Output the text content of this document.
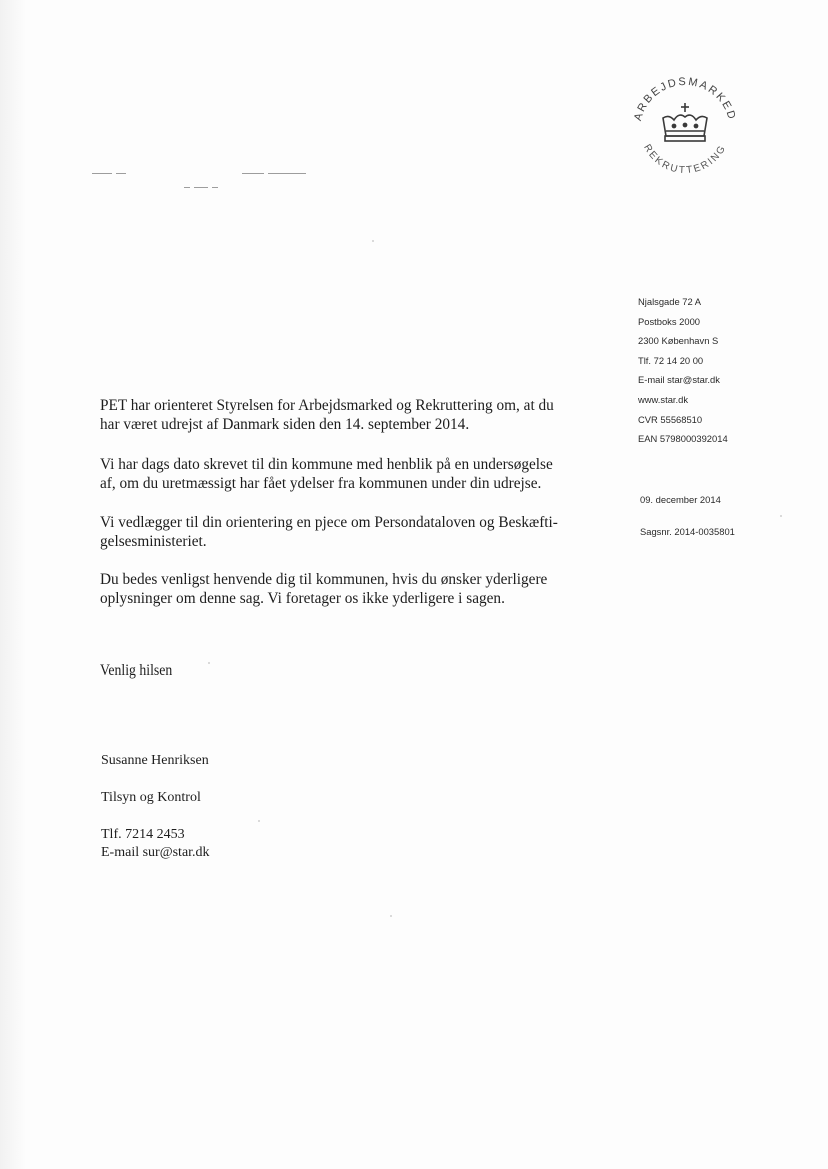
ARBEJDSMARKED
REKRUTTERING
Njalsgade 72 A
Postboks 2000
2300 København S
Tlf. 72 14 20 00
E-mail star@star.dk
www.star.dk
CVR 55568510
EAN 5798000392014
09. december 2014
Sagsnr. 2014-0035801
PET har orienteret Styrelsen for Arbejdsmarked og Rekruttering om, at du
har været udrejst af Danmark siden den 14. september 2014.
Vi har dags dato skrevet til din kommune med henblik på en undersøgelse
af, om du uretmæssigt har fået ydelser fra kommunen under din udrejse.
Vi vedlægger til din orientering en pjece om Persondataloven og Beskæfti-
gelsesministeriet.
Du bedes venligst henvende dig til kommunen, hvis du ønsker yderligere
oplysninger om denne sag. Vi foretager os ikke yderligere i sagen.
Venlig hilsen
Susanne Henriksen
Tilsyn og Kontrol
Tlf. 7214 2453
E-mail sur@star.dk
